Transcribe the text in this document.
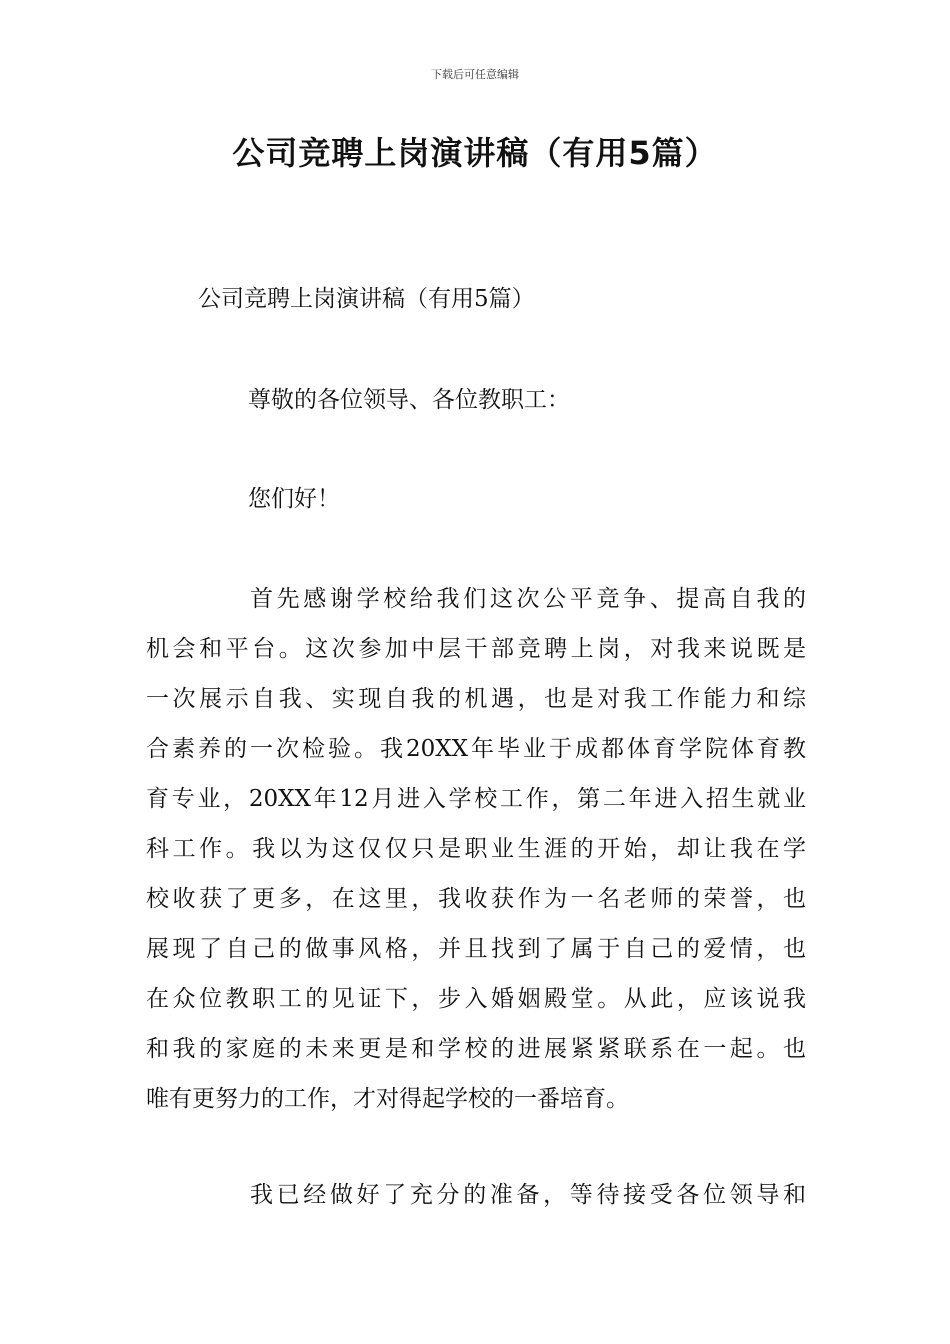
下载后可任意编辑
公司竞聘上岗演讲稿（有用5篇）
公司竞聘上岗演讲稿（有用5篇）
尊敬的各位领导、各位教职工：
您们好！
首先感谢学校给我们这次公平竞争、提高自我的
机会和平台。这次参加中层干部竞聘上岗，对我来说既是
一次展示自我、实现自我的机遇，也是对我工作能力和综
合素养的一次检验。我20XX年毕业于成都体育学院体育教
育专业，20XX年12月进入学校工作，第二年进入招生就业
科工作。我以为这仅仅只是职业生涯的开始，却让我在学
校收获了更多，在这里，我收获作为一名老师的荣誉，也
展现了自己的做事风格，并且找到了属于自己的爱情，也
在众位教职工的见证下，步入婚姻殿堂。从此，应该说我
和我的家庭的未来更是和学校的进展紧紧联系在一起。也
唯有更努力的工作，才对得起学校的一番培育。
我已经做好了充分的准备，等待接受各位领导和
